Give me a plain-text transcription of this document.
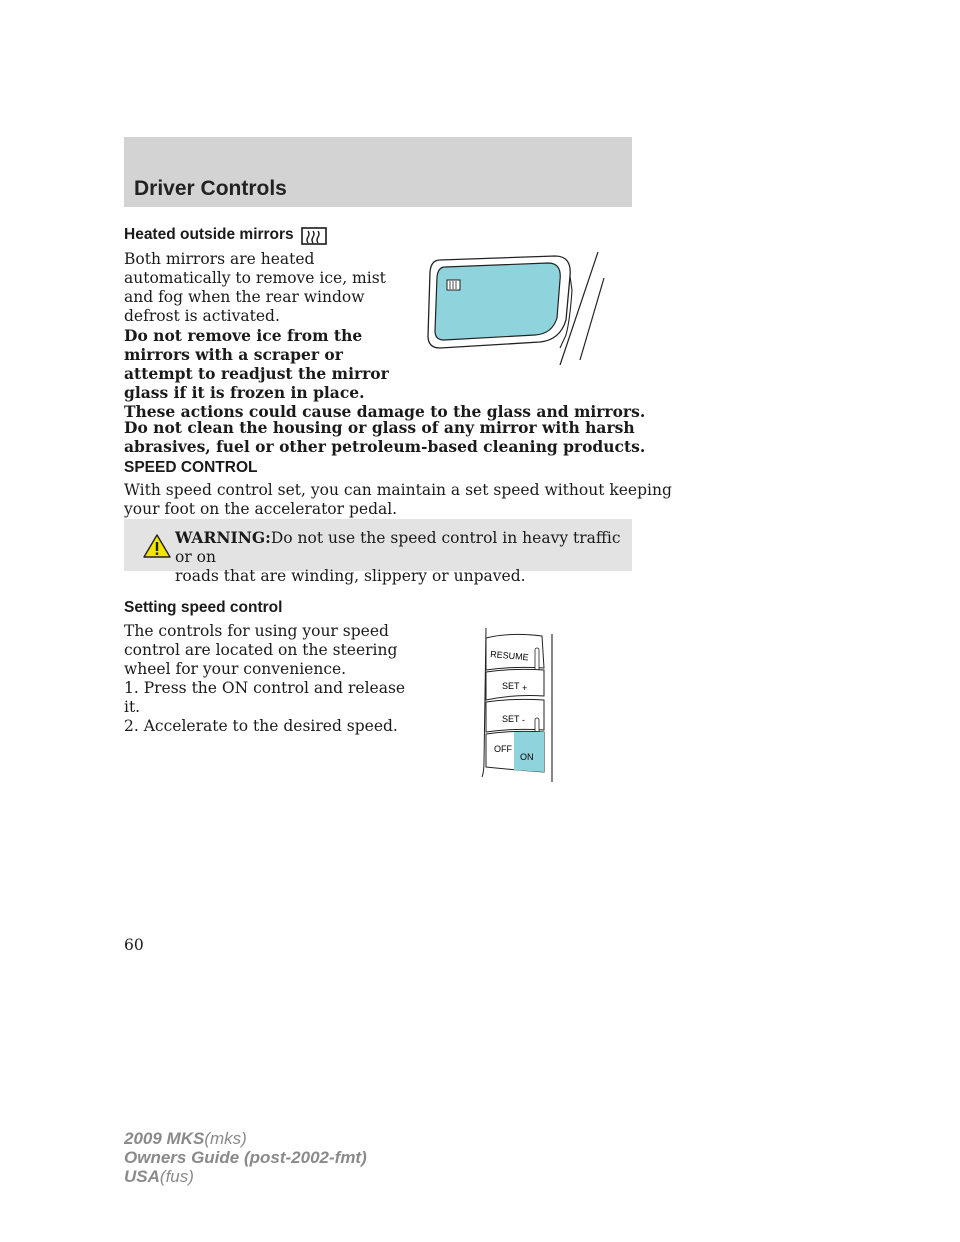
Driver Controls
Heated outside mirrors
Both mirrors are heated
automatically to remove ice, mist
and fog when the rear window
defrost is activated.
Do not remove ice from the
mirrors with a scraper or
attempt to readjust the mirror
glass if it is frozen in place.
These actions could cause damage to the glass and mirrors.
Do not clean the housing or glass of any mirror with harsh
abrasives, fuel or other petroleum-based cleaning products.
SPEED CONTROL
With speed control set, you can maintain a set speed without keeping
your foot on the accelerator pedal.
WARNING:Do not use the speed control in heavy traffic or on
roads that are winding, slippery or unpaved.
Setting speed control
The controls for using your speed
control are located on the steering
wheel for your convenience.
1. Press the ON control and release
it.
2. Accelerate to the desired speed.
RESUME
SET +
SET -
OFF
ON
60
2009 MKS(mks)
Owners Guide (post-2002-fmt)
USA(fus)
